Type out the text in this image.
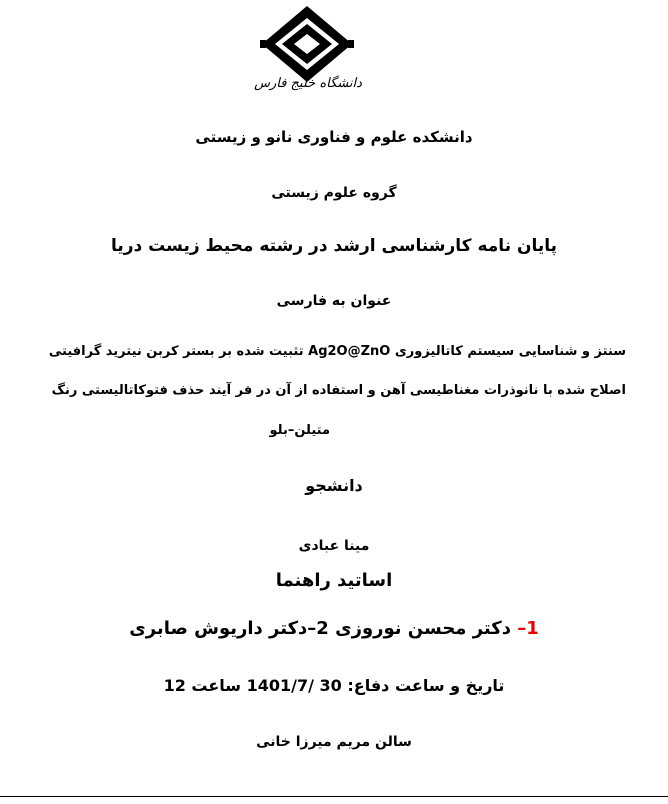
دانشگاه خلیج فارس
دانشکده علوم و فناوری نانو و زیستی
گروه علوم زیستی
پایان نامه کارشناسی ارشد در رشته محیط زیست دریا
عنوان به فارسی
سنتز و شناسایی سیستم کاتالیزوری Ag2O@ZnO تثبیت شده بر بستر کربن نیترید گرافیتی
اصلاح شده با نانوذرات مغناطیسی آهن و استفاده از آن در فر آیند حذف فتوکاتالیستی رنگ
متیلن–بلو
دانشجو
مینا عبادی
اساتید راهنما
1– دکتر محسن نوروزی 2–دکتر داریوش صابری
تاریخ و ساعت دفاع: 30 /1401/7 ساعت 12
سالن مریم میرزا خانی
